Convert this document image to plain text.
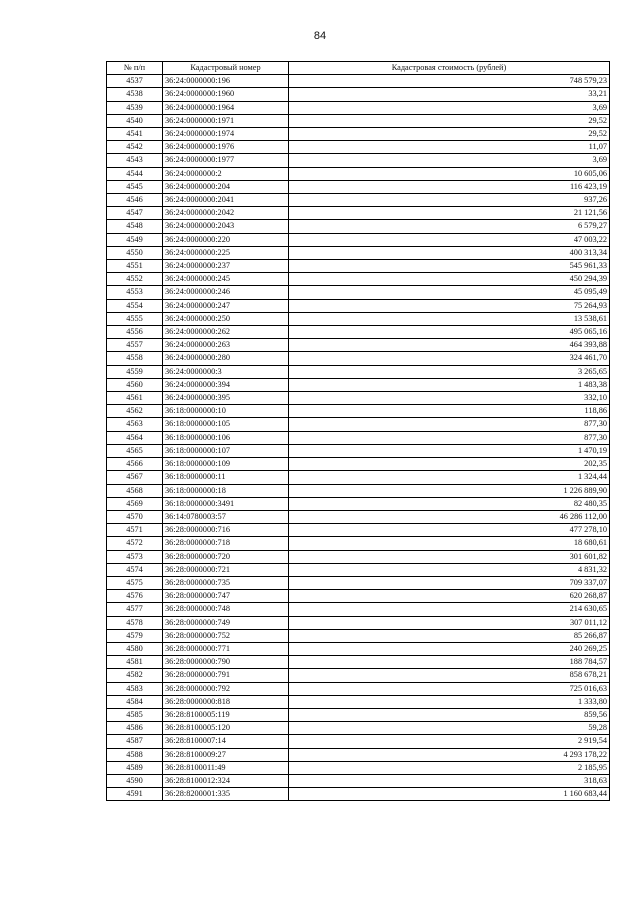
84
№ п/п	Кадастровый номер	Кадастровая стоимость (рублей)
4537	36:24:0000000:196	748 579,23
4538	36:24:0000000:1960	33,21
4539	36:24:0000000:1964	3,69
4540	36:24:0000000:1971	29,52
4541	36:24:0000000:1974	29,52
4542	36:24:0000000:1976	11,07
4543	36:24:0000000:1977	3,69
4544	36:24:0000000:2	10 605,06
4545	36:24:0000000:204	116 423,19
4546	36:24:0000000:2041	937,26
4547	36:24:0000000:2042	21 121,56
4548	36:24:0000000:2043	6 579,27
4549	36:24:0000000:220	47 003,22
4550	36:24:0000000:225	400 313,34
4551	36:24:0000000:237	545 961,33
4552	36:24:0000000:245	450 294,39
4553	36:24:0000000:246	45 095,49
4554	36:24:0000000:247	75 264,93
4555	36:24:0000000:250	13 538,61
4556	36:24:0000000:262	495 065,16
4557	36:24:0000000:263	464 393,88
4558	36:24:0000000:280	324 461,70
4559	36:24:0000000:3	3 265,65
4560	36:24:0000000:394	1 483,38
4561	36:24:0000000:395	332,10
4562	36:18:0000000:10	118,86
4563	36:18:0000000:105	877,30
4564	36:18:0000000:106	877,30
4565	36:18:0000000:107	1 470,19
4566	36:18:0000000:109	202,35
4567	36:18:0000000:11	1 324,44
4568	36:18:0000000:18	1 226 889,90
4569	36:18:0000000:3491	82 480,35
4570	36:14:0780003:57	46 286 112,00
4571	36:28:0000000:716	477 278,10
4572	36:28:0000000:718	18 680,61
4573	36:28:0000000:720	301 601,82
4574	36:28:0000000:721	4 831,32
4575	36:28:0000000:735	709 337,07
4576	36:28:0000000:747	620 268,87
4577	36:28:0000000:748	214 630,65
4578	36:28:0000000:749	307 011,12
4579	36:28:0000000:752	85 266,87
4580	36:28:0000000:771	240 269,25
4581	36:28:0000000:790	188 784,57
4582	36:28:0000000:791	858 678,21
4583	36:28:0000000:792	725 016,63
4584	36:28:0000000:818	1 333,80
4585	36:28:8100005:119	859,56
4586	36:28:8100005:120	59,28
4587	36:28:8100007:14	2 919,54
4588	36:28:8100009:27	4 293 178,22
4589	36:28:8100011:49	2 185,95
4590	36:28:8100012:324	318,63
4591	36:28:8200001:335	1 160 683,44
